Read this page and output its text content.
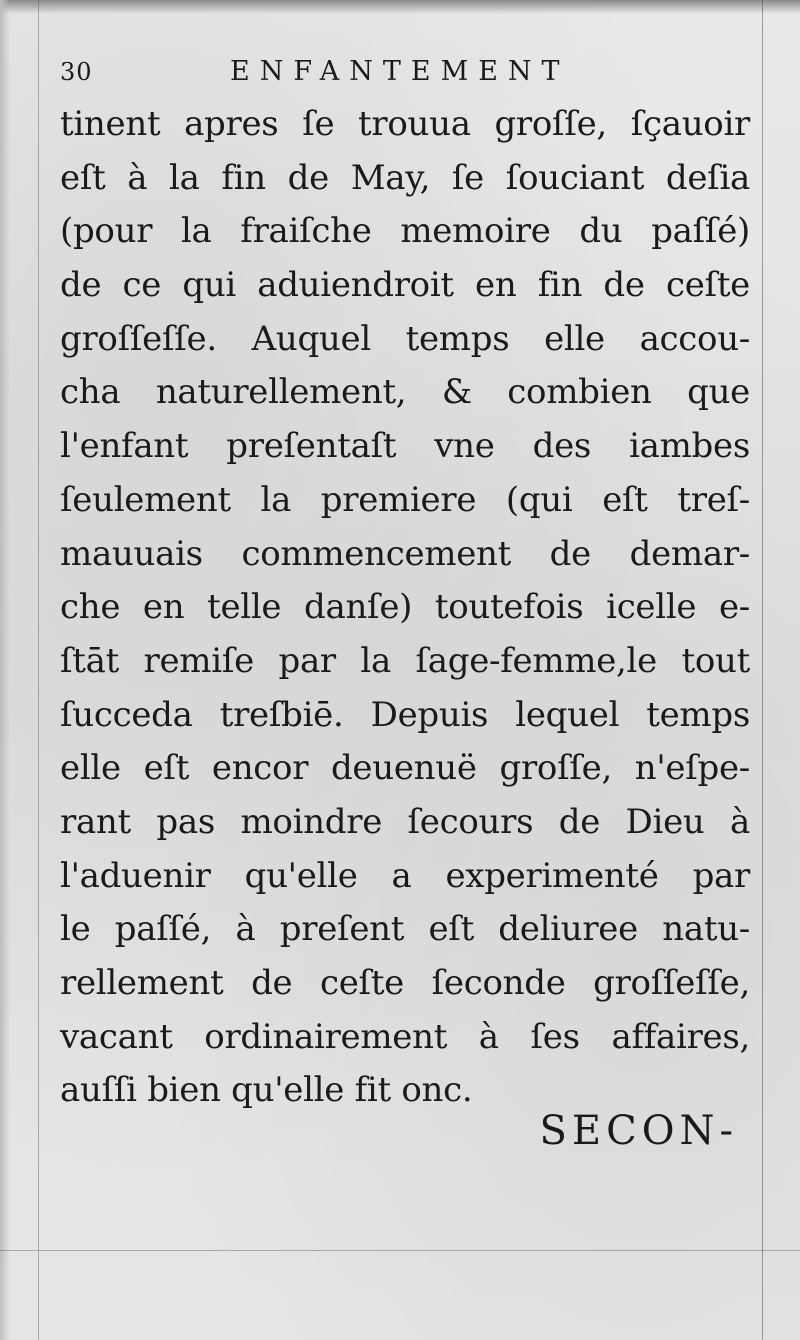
30	ENFANTEMENT
tinent apres ſe trouua groſſe, ſçauoir
eſt à la fin de May, ſe ſouciant deſia
(pour la fraiſche memoire du paſſé)
de ce qui aduiendroit en fin de ceſte
groſſeſſe. Auquel temps elle accou-
cha naturellement, & combien que
l'enfant preſentaſt vne des iambes
ſeulement la premiere (qui eſt treſ-
mauuais commencement de demar-
che en telle danſe) toutefois icelle e-
ſtāt remiſe par la ſage-femme,le tout
ſucceda treſbiē. Depuis lequel temps
elle eſt encor deuenuë groſſe, n'eſpe-
rant pas moindre ſecours de Dieu à
l'aduenir qu'elle a experimenté par
le paſſé, à preſent eſt deliuree natu-
rellement de ceſte ſeconde groſſeſſe,
vacant ordinairement à ſes affaires,
auſſi bien qu'elle fit onc.
SECON-
